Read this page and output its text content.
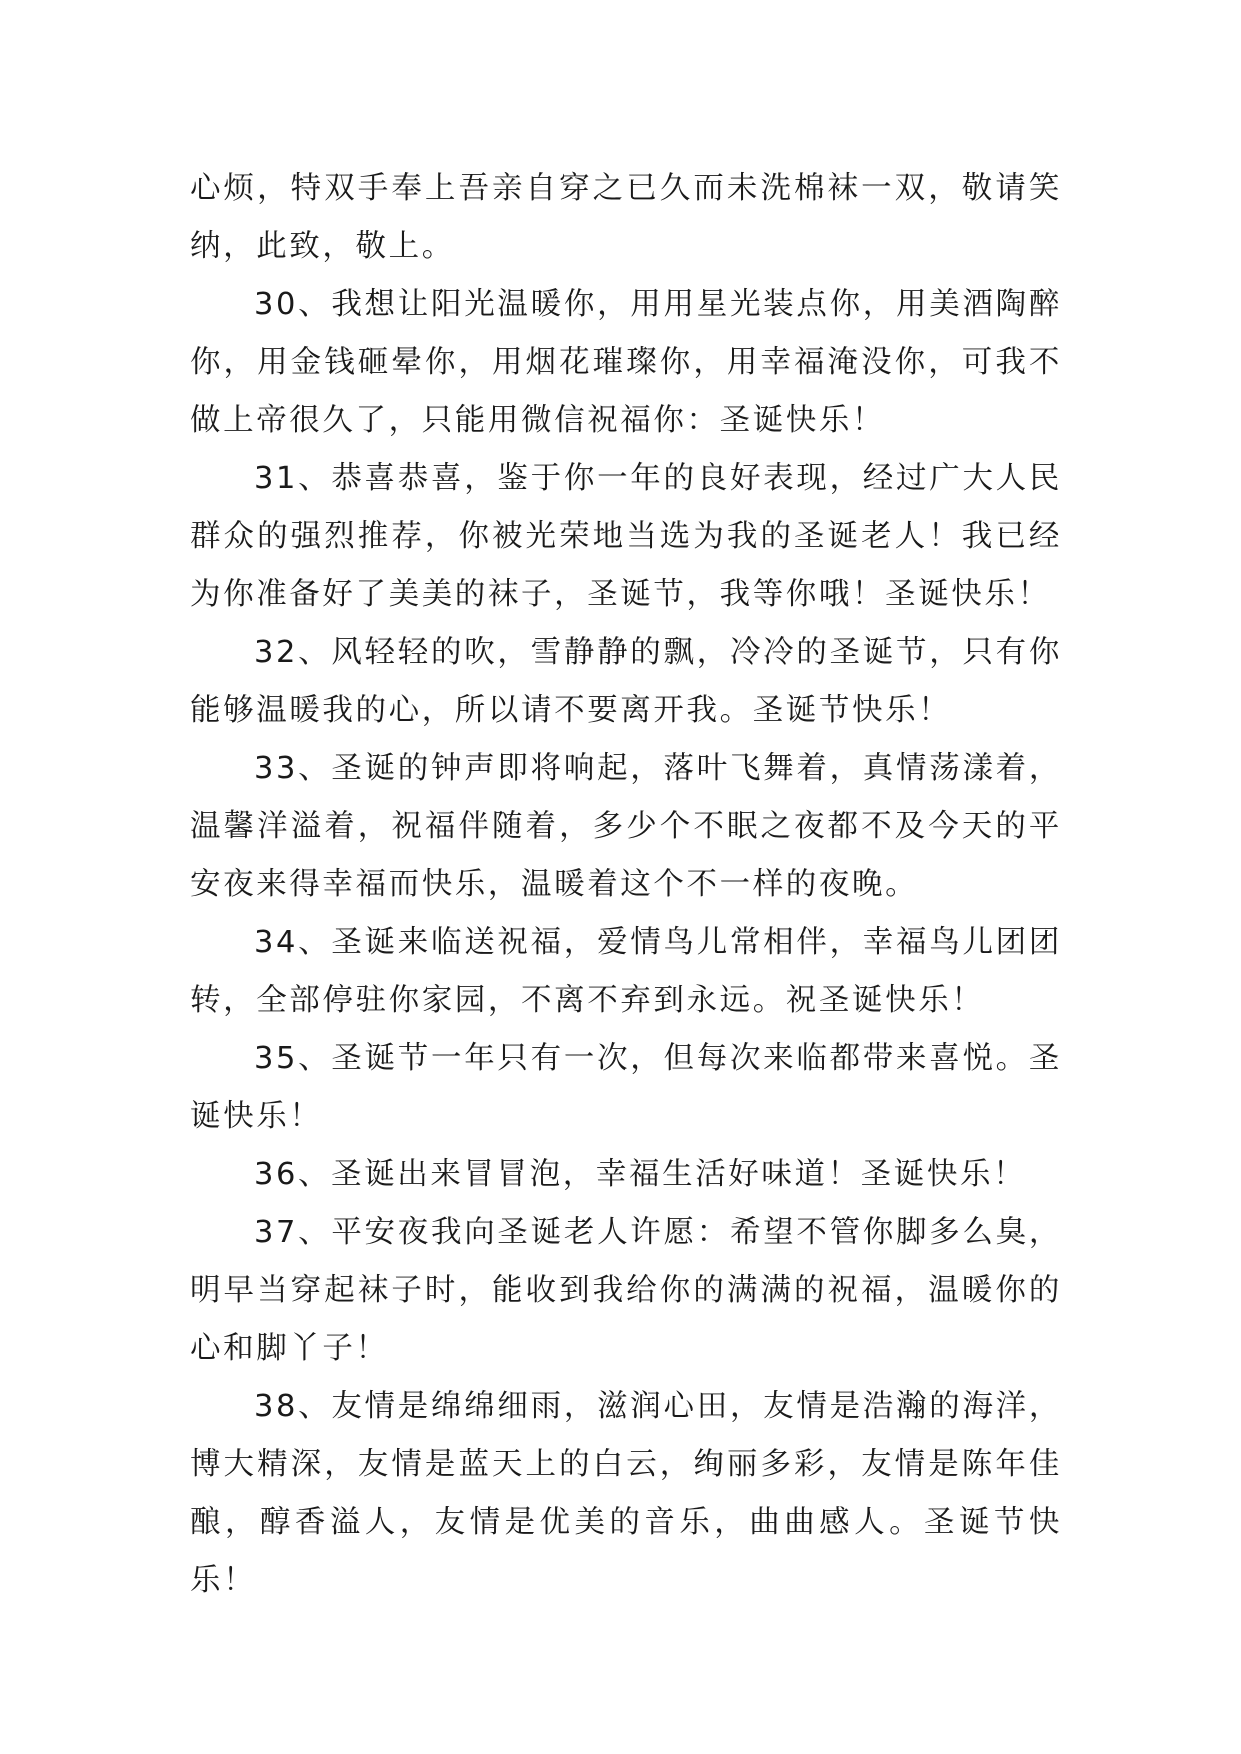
心烦，特双手奉上吾亲自穿之已久而未洗棉袜一双，敬请笑纳，此致，敬上。

30、我想让阳光温暖你，用用星光装点你，用美酒陶醉你，用金钱砸晕你，用烟花璀璨你，用幸福淹没你，可我不做上帝很久了，只能用微信祝福你：圣诞快乐！

31、恭喜恭喜，鉴于你一年的良好表现，经过广大人民群众的强烈推荐，你被光荣地当选为我的圣诞老人！我已经为你准备好了美美的袜子，圣诞节，我等你哦！圣诞快乐！

32、风轻轻的吹，雪静静的飘，冷冷的圣诞节，只有你能够温暖我的心，所以请不要离开我。圣诞节快乐！

33、圣诞的钟声即将响起，落叶飞舞着，真情荡漾着，温馨洋溢着，祝福伴随着，多少个不眠之夜都不及今天的平安夜来得幸福而快乐，温暖着这个不一样的夜晚。

34、圣诞来临送祝福，爱情鸟儿常相伴，幸福鸟儿团团转，全部停驻你家园，不离不弃到永远。祝圣诞快乐！

35、圣诞节一年只有一次，但每次来临都带来喜悦。圣诞快乐！

36、圣诞出来冒冒泡，幸福生活好味道！圣诞快乐！

37、平安夜我向圣诞老人许愿：希望不管你脚多么臭，明早当穿起袜子时，能收到我给你的满满的祝福，温暖你的心和脚丫子！

38、友情是绵绵细雨，滋润心田，友情是浩瀚的海洋，博大精深，友情是蓝天上的白云，绚丽多彩，友情是陈年佳酿，醇香溢人，友情是优美的音乐，曲曲感人。圣诞节快乐！
